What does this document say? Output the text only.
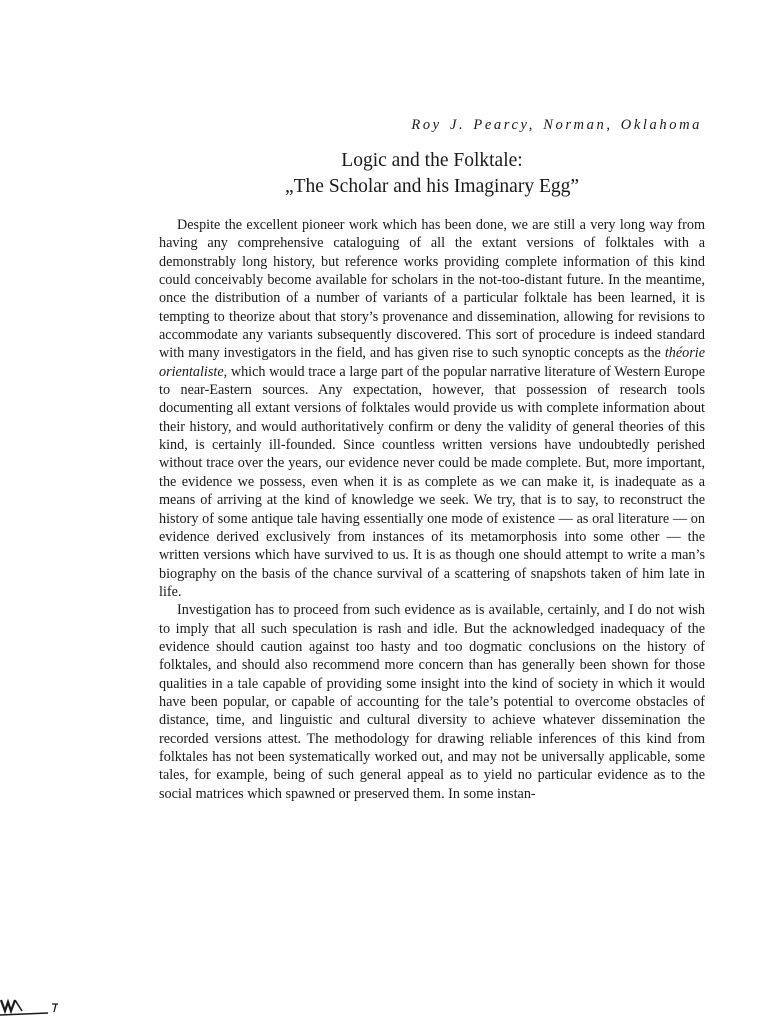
Roy J. Pearcy, Norman, Oklahoma
Logic and the Folktale:
„The Scholar and his Imaginary Egg”

Despite the excellent pioneer work which has been done, we are still a very long way from having any comprehensive cataloguing of all the extant versions of folktales with a demonstrably long history, but reference works providing complete information of this kind could conceivably become available for scholars in the not-too-distant future. In the meantime, once the distribution of a number of variants of a particular folktale has been learned, it is tempting to theorize about that story’s provenance and dissemination, allowing for revisions to accommodate any variants subsequently discovered. This sort of procedure is indeed standard with many investigators in the field, and has given rise to such synoptic concepts as the théorie orientaliste, which would trace a large part of the popular narrative literature of Western Europe to near-Eastern sources. Any expectation, however, that possession of research tools documenting all extant versions of folktales would provide us with complete information about their history, and would authoritatively confirm or deny the validity of general theories of this kind, is certainly ill-founded. Since countless written versions have undoubtedly perished without trace over the years, our evidence never could be made complete. But, more important, the evidence we possess, even when it is as complete as we can make it, is inadequate as a means of arriving at the kind of knowledge we seek. We try, that is to say, to reconstruct the history of some antique tale having essentially one mode of existence — as oral literature — on evidence derived exclusively from instances of its metamorphosis into some other — the written versions which have survived to us. It is as though one should attempt to write a man’s biography on the basis of the chance survival of a scattering of snapshots taken of him late in life.

Investigation has to proceed from such evidence as is available, certainly, and I do not wish to imply that all such speculation is rash and idle. But the acknowledged inadequacy of the evidence should caution against too hasty and too dogmatic conclusions on the history of folktales, and should also recommend more concern than has generally been shown for those qualities in a tale capable of providing some insight into the kind of society in which it would have been popular, or capable of accounting for the tale’s potential to overcome obstacles of distance, time, and linguistic and cultural diversity to achieve whatever dissemination the recorded versions attest. The methodology for drawing reliable inferences of this kind from folktales has not been systematically worked out, and may not be universally applicable, some tales, for example, being of such general appeal as to yield no particular evidence as to the social matrices which spawned or preserved them. In some instan-
